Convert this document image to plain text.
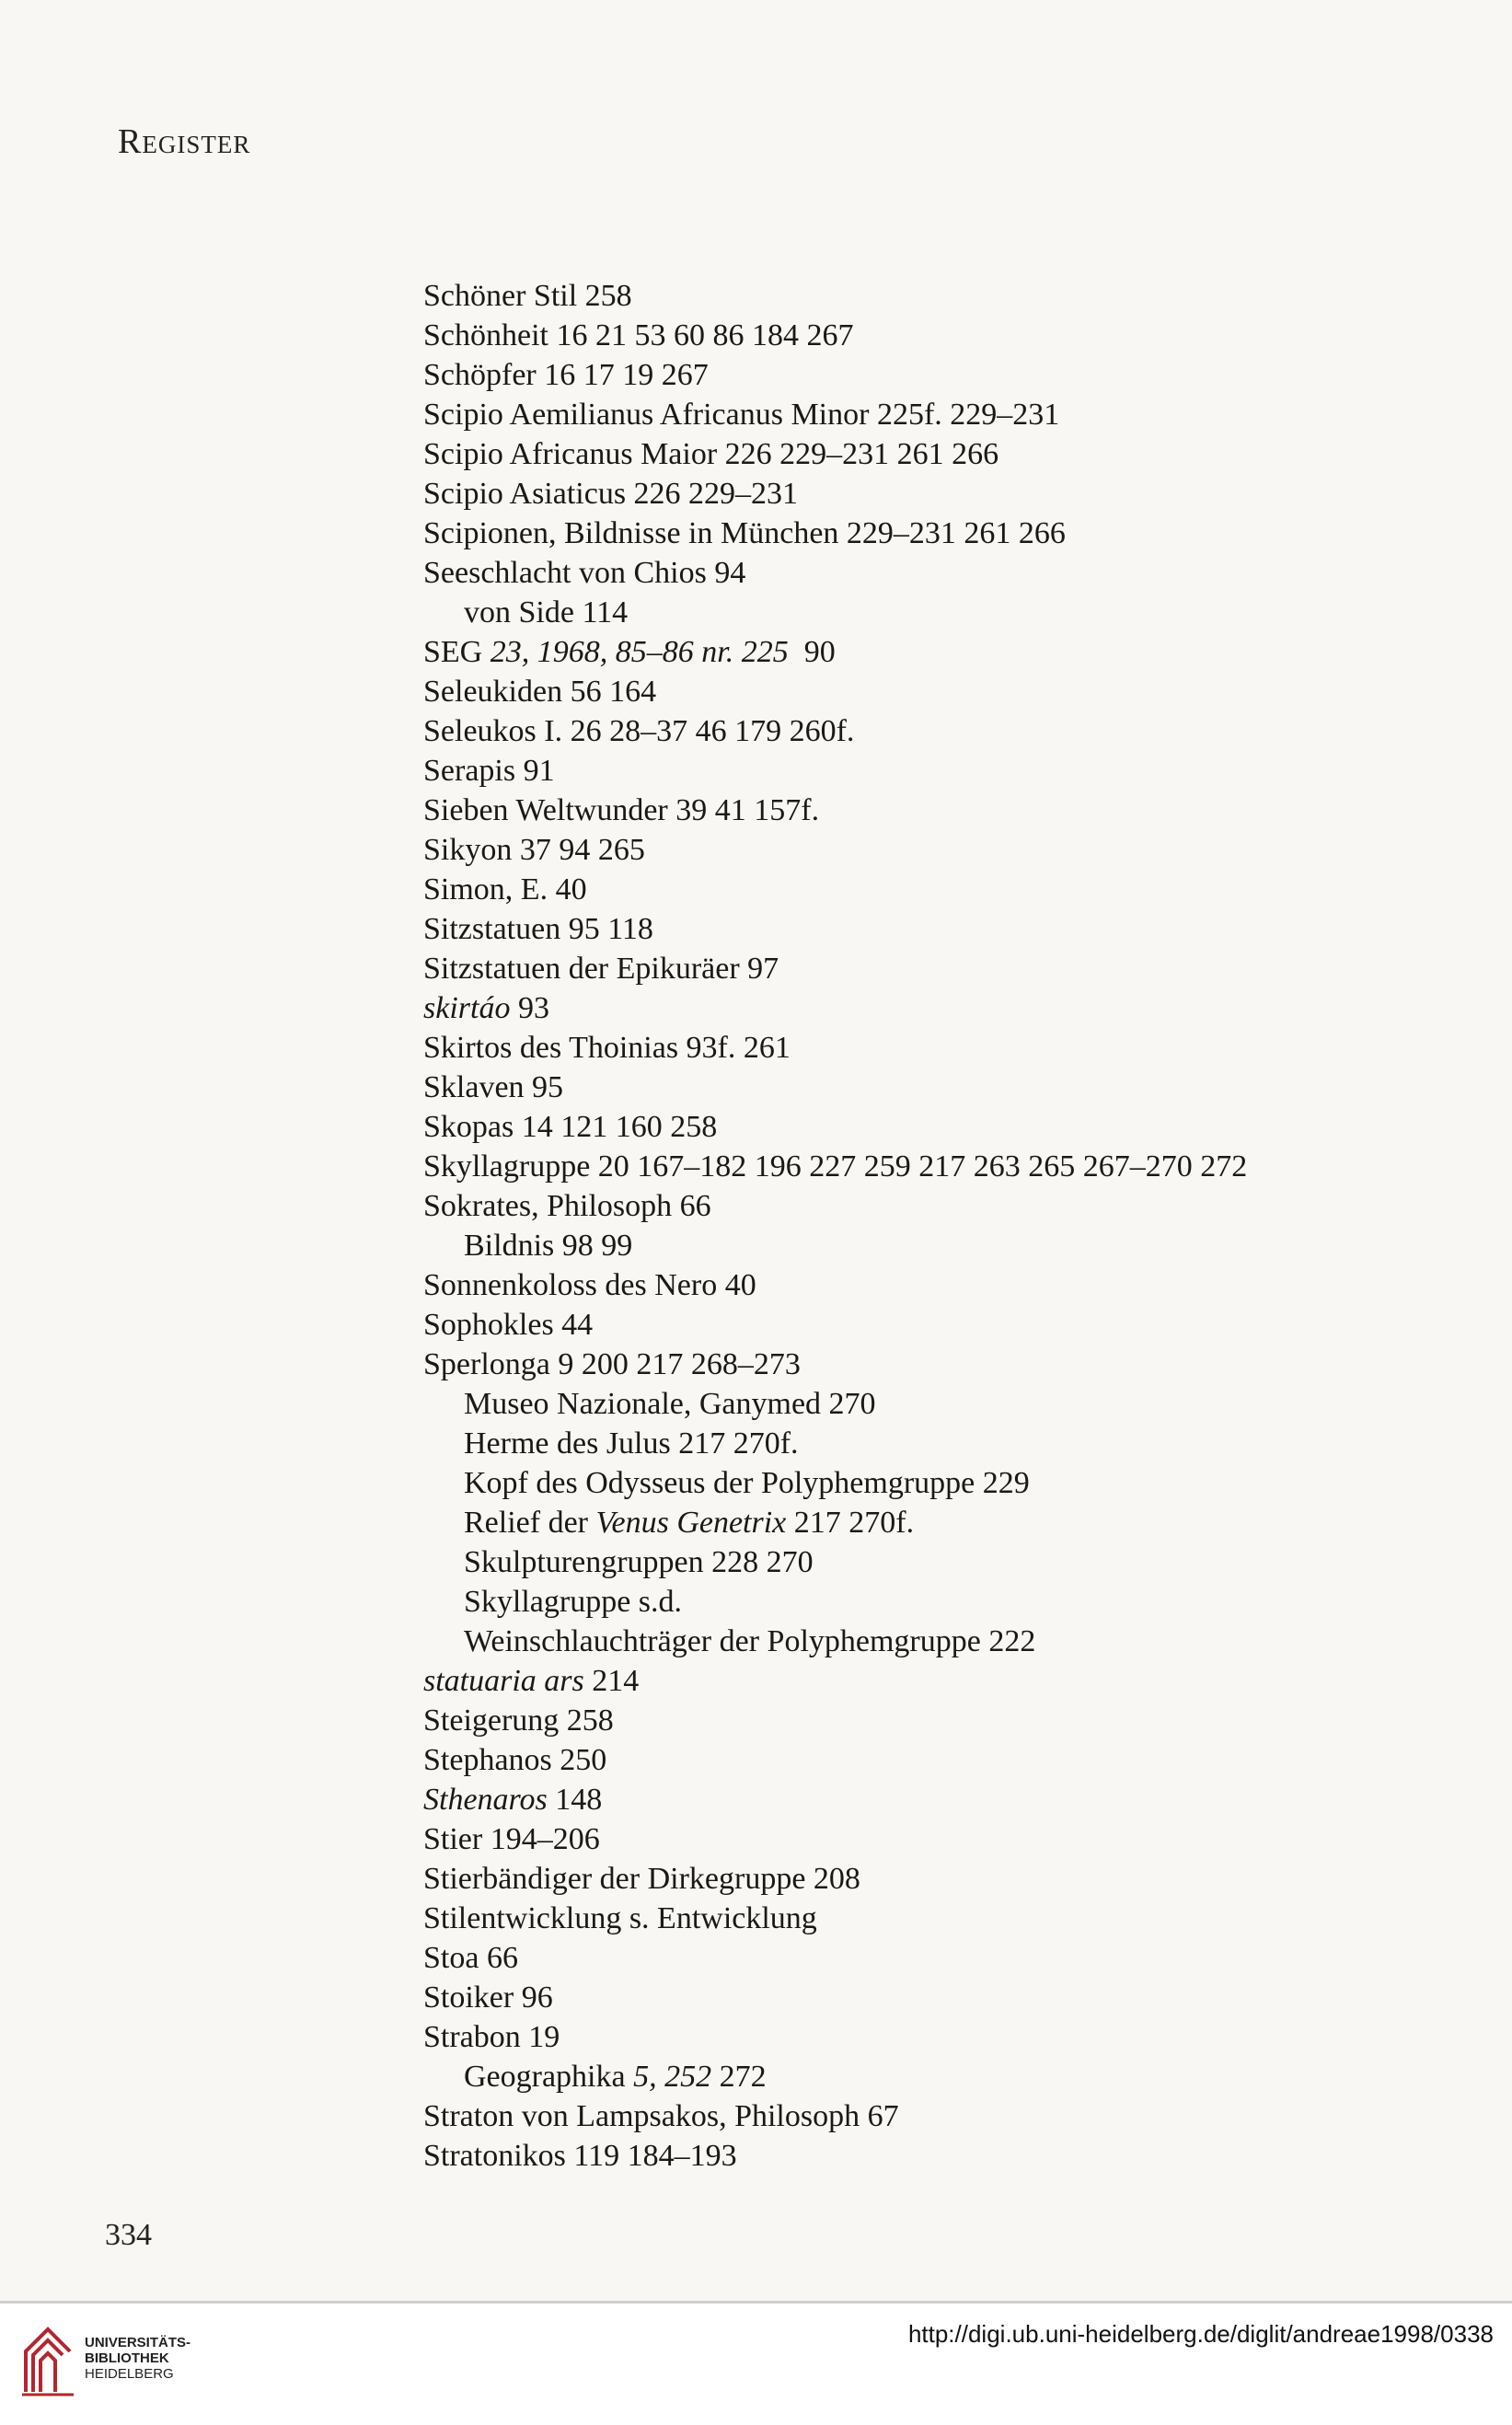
Register
Schöner Stil 258
Schönheit 16 21 53 60 86 184 267
Schöpfer 16 17 19 267
Scipio Aemilianus Africanus Minor 225f. 229–231
Scipio Africanus Maior 226 229–231 261 266
Scipio Asiaticus 226 229–231
Scipionen, Bildnisse in München 229–231 261 266
Seeschlacht von Chios 94
von Side 114
SEG 23, 1968, 85–86 nr. 225  90
Seleukiden 56 164
Seleukos I. 26 28–37 46 179 260f.
Serapis 91
Sieben Weltwunder 39 41 157f.
Sikyon 37 94 265
Simon, E. 40
Sitzstatuen 95 118
Sitzstatuen der Epikuräer 97
skirtáo 93
Skirtos des Thoinias 93f. 261
Sklaven 95
Skopas 14 121 160 258
Skyllagruppe 20 167–182 196 227 259 217 263 265 267–270 272
Sokrates, Philosoph 66
Bildnis 98 99
Sonnenkoloss des Nero 40
Sophokles 44
Sperlonga 9 200 217 268–273
Museo Nazionale, Ganymed 270
Herme des Julus 217 270f.
Kopf des Odysseus der Polyphemgruppe 229
Relief der Venus Genetrix 217 270f.
Skulpturengruppen 228 270
Skyllagruppe s.d.
Weinschlauchträger der Polyphemgruppe 222
statuaria ars 214
Steigerung 258
Stephanos 250
Sthenaros 148
Stier 194–206
Stierbändiger der Dirkegruppe 208
Stilentwicklung s. Entwicklung
Stoa 66
Stoiker 96
Strabon 19
Geographika 5, 252 272
Straton von Lampsakos, Philosoph 67
Stratonikos 119 184–193
334
UNIVERSITÄTS-
BIBLIOTHEK
HEIDELBERG
http://digi.ub.uni-heidelberg.de/diglit/andreae1998/0338
